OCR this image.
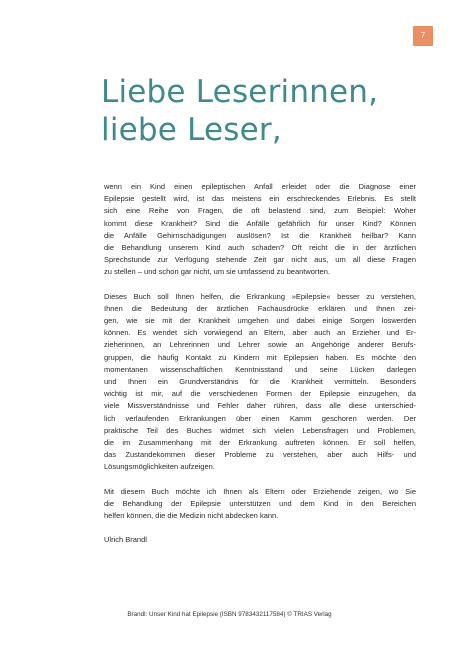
7
Liebe Leserinnen,
liebe Leser,

wenn ein Kind einen epileptischen Anfall erleidet oder die Diagnose einer
Epilepsie gestellt wird, ist das meistens ein erschreckendes Erlebnis. Es stellt
sich eine Reihe von Fragen, die oft belastend sind, zum Beispiel: Woher
kommt diese Krankheit? Sind die Anfälle gefährlich für unser Kind? Können
die Anfälle Gehirnschädigungen auslösen? Ist die Krankheit heilbar? Kann
die Behandlung unserem Kind auch schaden? Oft reicht die in der ärztlichen
Sprechstunde zur Verfügung stehende Zeit gar nicht aus, um all diese Fragen
zu stellen – und schon gar nicht, um sie umfassend zu beantworten.

Dieses Buch soll Ihnen helfen, die Erkrankung »Epilepsie« besser zu verstehen,
Ihnen die Bedeutung der ärztlichen Fachausdrücke erklären und Ihnen zei-
gen, wie sie mit der Krankheit umgehen und dabei einige Sorgen loswerden
können. Es wendet sich vorwiegend an Eltern, aber auch an Erzieher und Er-
zieherinnen, an Lehrerinnen und Lehrer sowie an Angehörige anderer Berufs-
gruppen, die häufig Kontakt zu Kindern mit Epilepsien haben. Es möchte den
momentanen wissenschaftlichen Kenntnisstand und seine Lücken darlegen
und Ihnen ein Grundverständnis für die Krankheit vermitteln. Besonders
wichtig ist mir, auf die verschiedenen Formen der Epilepsie einzugehen, da
viele Missverständnisse und Fehler daher rühren, dass alle diese unterschied-
lich verlaufenden Erkrankungen über einen Kamm geschoren werden. Der
praktische Teil des Buches widmet sich vielen Lebensfragen und Problemen,
die im Zusammenhang mit der Erkrankung auftreten können. Er soll helfen,
das Zustandekommen dieser Probleme zu verstehen, aber auch Hilfs- und
Lösungsmöglichkeiten aufzeigen.

Mit diesem Buch möchte ich Ihnen als Eltern oder Erziehende zeigen, wo Sie
die Behandlung der Epilepsie unterstützen und dem Kind in den Bereichen
helfen können, die die Medizin nicht abdecken kann.

Ulrich Brandl

Brandl: Unser Kind hat Epilepsie (ISBN 9783432117584) © TRIAS Verlag
